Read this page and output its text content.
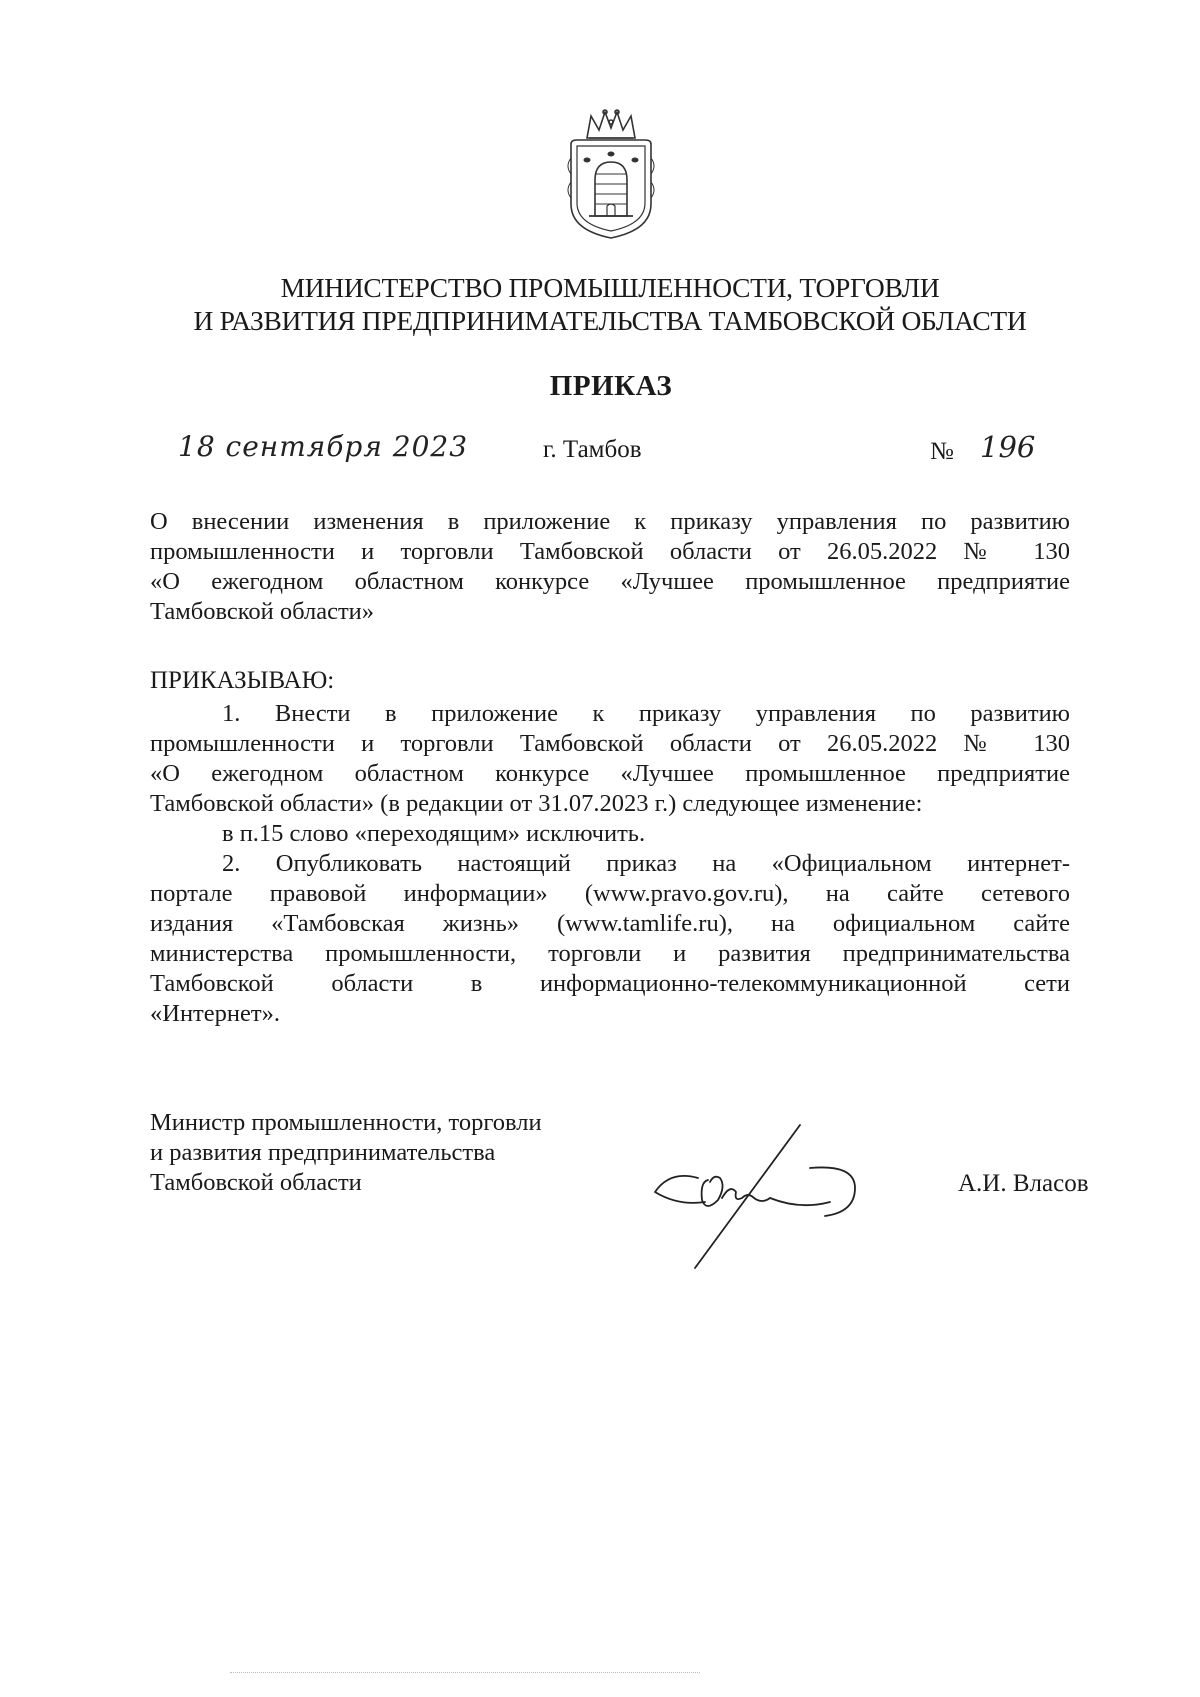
МИНИСТЕРСТВО ПРОМЫШЛЕННОСТИ, ТОРГОВЛИ
И РАЗВИТИЯ ПРЕДПРИНИМАТЕЛЬСТВА ТАМБОВСКОЙ ОБЛАСТИ
ПРИКАЗ
18 сентября 2023	г. Тамбов	№ 196
О внесении изменения в приложение к приказу управления по развитию
промышленности и торговли Тамбовской области от 26.05.2022 № 130
«О ежегодном областном конкурсе «Лучшее промышленное предприятие
Тамбовской области»
ПРИКАЗЫВАЮ:
1. Внести в приложение к приказу управления по развитию
промышленности и торговли Тамбовской области от 26.05.2022 № 130
«О ежегодном областном конкурсе «Лучшее промышленное предприятие
Тамбовской области» (в редакции от 31.07.2023 г.) следующее изменение:
в п.15 слово «переходящим» исключить.
2. Опубликовать настоящий приказ на «Официальном интернет-
портале правовой информации» (www.pravo.gov.ru), на сайте сетевого
издания «Тамбовская жизнь» (www.tamlife.ru), на официальном сайте
министерства промышленности, торговли и развития предпринимательства
Тамбовской области в информационно-телекоммуникационной сети
«Интернет».
Министр промышленности, торговли
и развития предпринимательства
Тамбовской области	А.И. Власов
